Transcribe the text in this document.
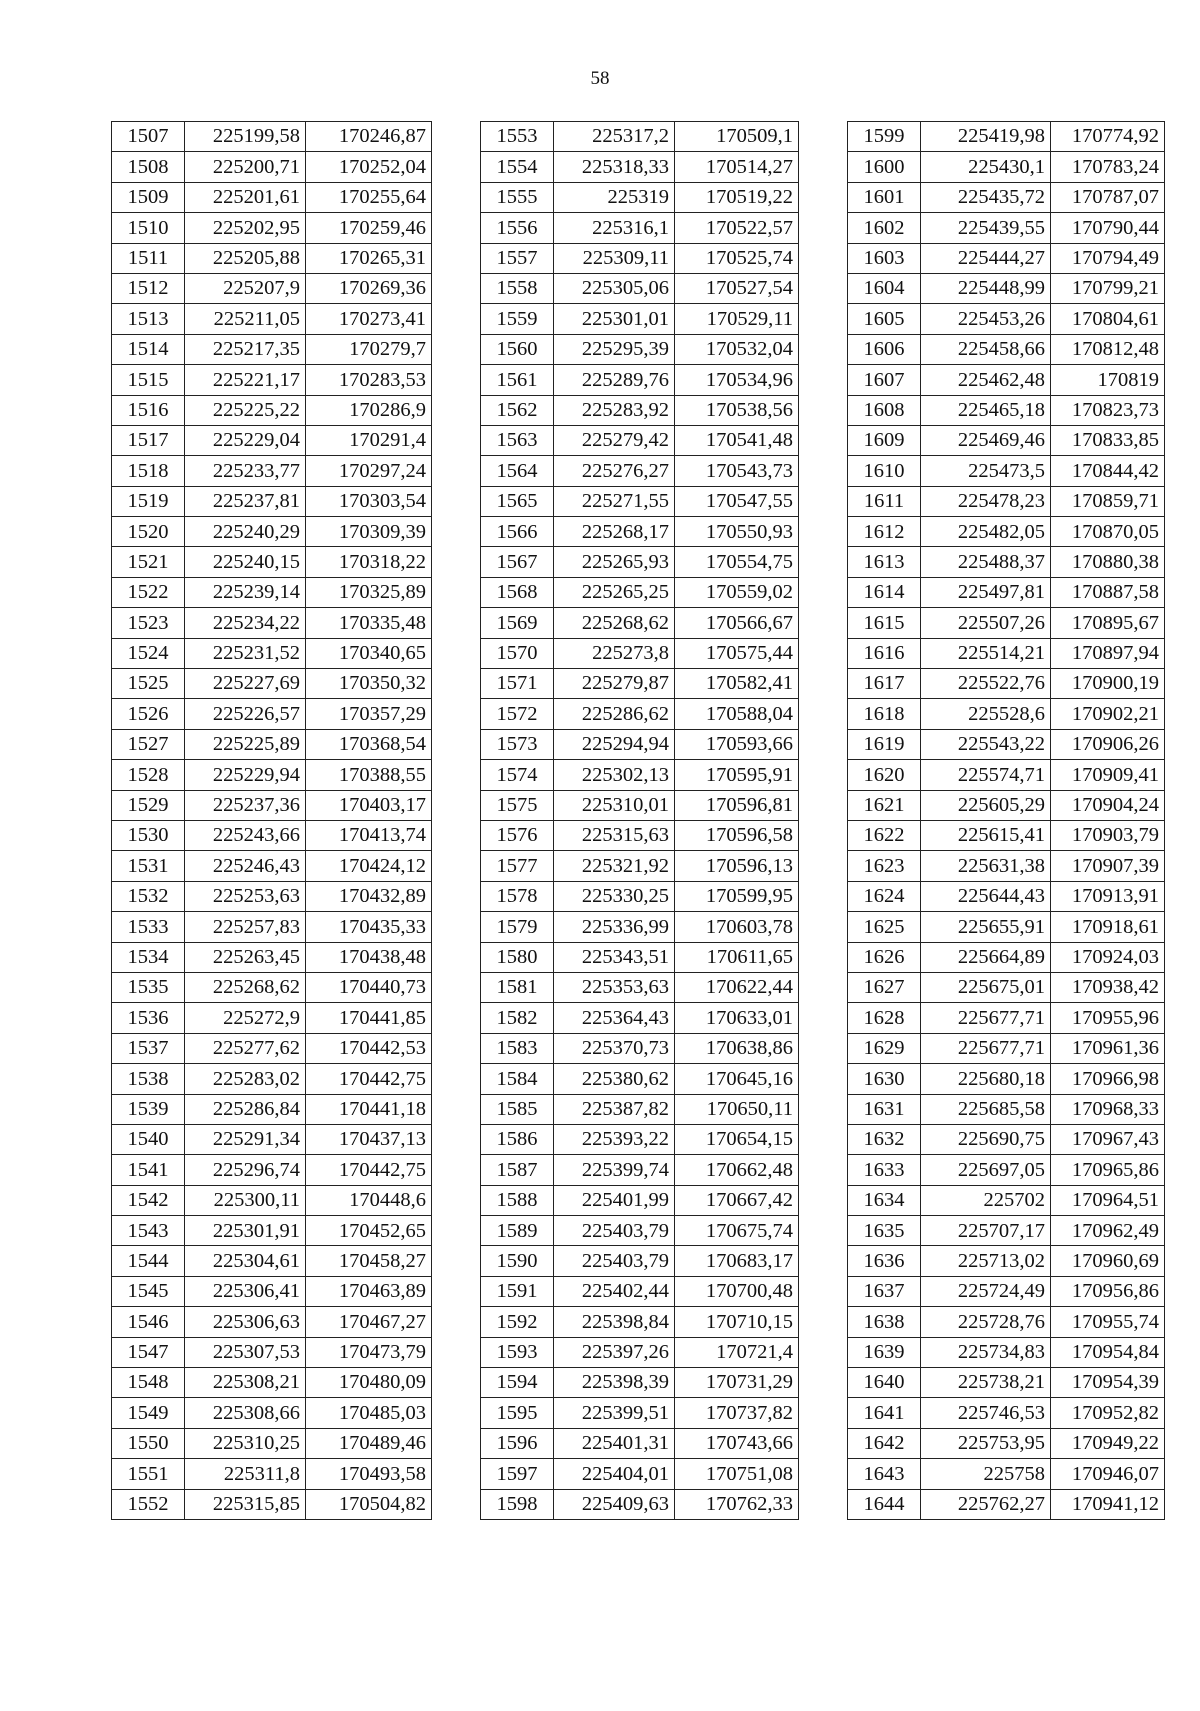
58
1507	225199,58	170246,87
1508	225200,71	170252,04
1509	225201,61	170255,64
1510	225202,95	170259,46
1511	225205,88	170265,31
1512	225207,9	170269,36
1513	225211,05	170273,41
1514	225217,35	170279,7
1515	225221,17	170283,53
1516	225225,22	170286,9
1517	225229,04	170291,4
1518	225233,77	170297,24
1519	225237,81	170303,54
1520	225240,29	170309,39
1521	225240,15	170318,22
1522	225239,14	170325,89
1523	225234,22	170335,48
1524	225231,52	170340,65
1525	225227,69	170350,32
1526	225226,57	170357,29
1527	225225,89	170368,54
1528	225229,94	170388,55
1529	225237,36	170403,17
1530	225243,66	170413,74
1531	225246,43	170424,12
1532	225253,63	170432,89
1533	225257,83	170435,33
1534	225263,45	170438,48
1535	225268,62	170440,73
1536	225272,9	170441,85
1537	225277,62	170442,53
1538	225283,02	170442,75
1539	225286,84	170441,18
1540	225291,34	170437,13
1541	225296,74	170442,75
1542	225300,11	170448,6
1543	225301,91	170452,65
1544	225304,61	170458,27
1545	225306,41	170463,89
1546	225306,63	170467,27
1547	225307,53	170473,79
1548	225308,21	170480,09
1549	225308,66	170485,03
1550	225310,25	170489,46
1551	225311,8	170493,58
1552	225315,85	170504,82
1553	225317,2	170509,1
1554	225318,33	170514,27
1555	225319	170519,22
1556	225316,1	170522,57
1557	225309,11	170525,74
1558	225305,06	170527,54
1559	225301,01	170529,11
1560	225295,39	170532,04
1561	225289,76	170534,96
1562	225283,92	170538,56
1563	225279,42	170541,48
1564	225276,27	170543,73
1565	225271,55	170547,55
1566	225268,17	170550,93
1567	225265,93	170554,75
1568	225265,25	170559,02
1569	225268,62	170566,67
1570	225273,8	170575,44
1571	225279,87	170582,41
1572	225286,62	170588,04
1573	225294,94	170593,66
1574	225302,13	170595,91
1575	225310,01	170596,81
1576	225315,63	170596,58
1577	225321,92	170596,13
1578	225330,25	170599,95
1579	225336,99	170603,78
1580	225343,51	170611,65
1581	225353,63	170622,44
1582	225364,43	170633,01
1583	225370,73	170638,86
1584	225380,62	170645,16
1585	225387,82	170650,11
1586	225393,22	170654,15
1587	225399,74	170662,48
1588	225401,99	170667,42
1589	225403,79	170675,74
1590	225403,79	170683,17
1591	225402,44	170700,48
1592	225398,84	170710,15
1593	225397,26	170721,4
1594	225398,39	170731,29
1595	225399,51	170737,82
1596	225401,31	170743,66
1597	225404,01	170751,08
1598	225409,63	170762,33
1599	225419,98	170774,92
1600	225430,1	170783,24
1601	225435,72	170787,07
1602	225439,55	170790,44
1603	225444,27	170794,49
1604	225448,99	170799,21
1605	225453,26	170804,61
1606	225458,66	170812,48
1607	225462,48	170819
1608	225465,18	170823,73
1609	225469,46	170833,85
1610	225473,5	170844,42
1611	225478,23	170859,71
1612	225482,05	170870,05
1613	225488,37	170880,38
1614	225497,81	170887,58
1615	225507,26	170895,67
1616	225514,21	170897,94
1617	225522,76	170900,19
1618	225528,6	170902,21
1619	225543,22	170906,26
1620	225574,71	170909,41
1621	225605,29	170904,24
1622	225615,41	170903,79
1623	225631,38	170907,39
1624	225644,43	170913,91
1625	225655,91	170918,61
1626	225664,89	170924,03
1627	225675,01	170938,42
1628	225677,71	170955,96
1629	225677,71	170961,36
1630	225680,18	170966,98
1631	225685,58	170968,33
1632	225690,75	170967,43
1633	225697,05	170965,86
1634	225702	170964,51
1635	225707,17	170962,49
1636	225713,02	170960,69
1637	225724,49	170956,86
1638	225728,76	170955,74
1639	225734,83	170954,84
1640	225738,21	170954,39
1641	225746,53	170952,82
1642	225753,95	170949,22
1643	225758	170946,07
1644	225762,27	170941,12
